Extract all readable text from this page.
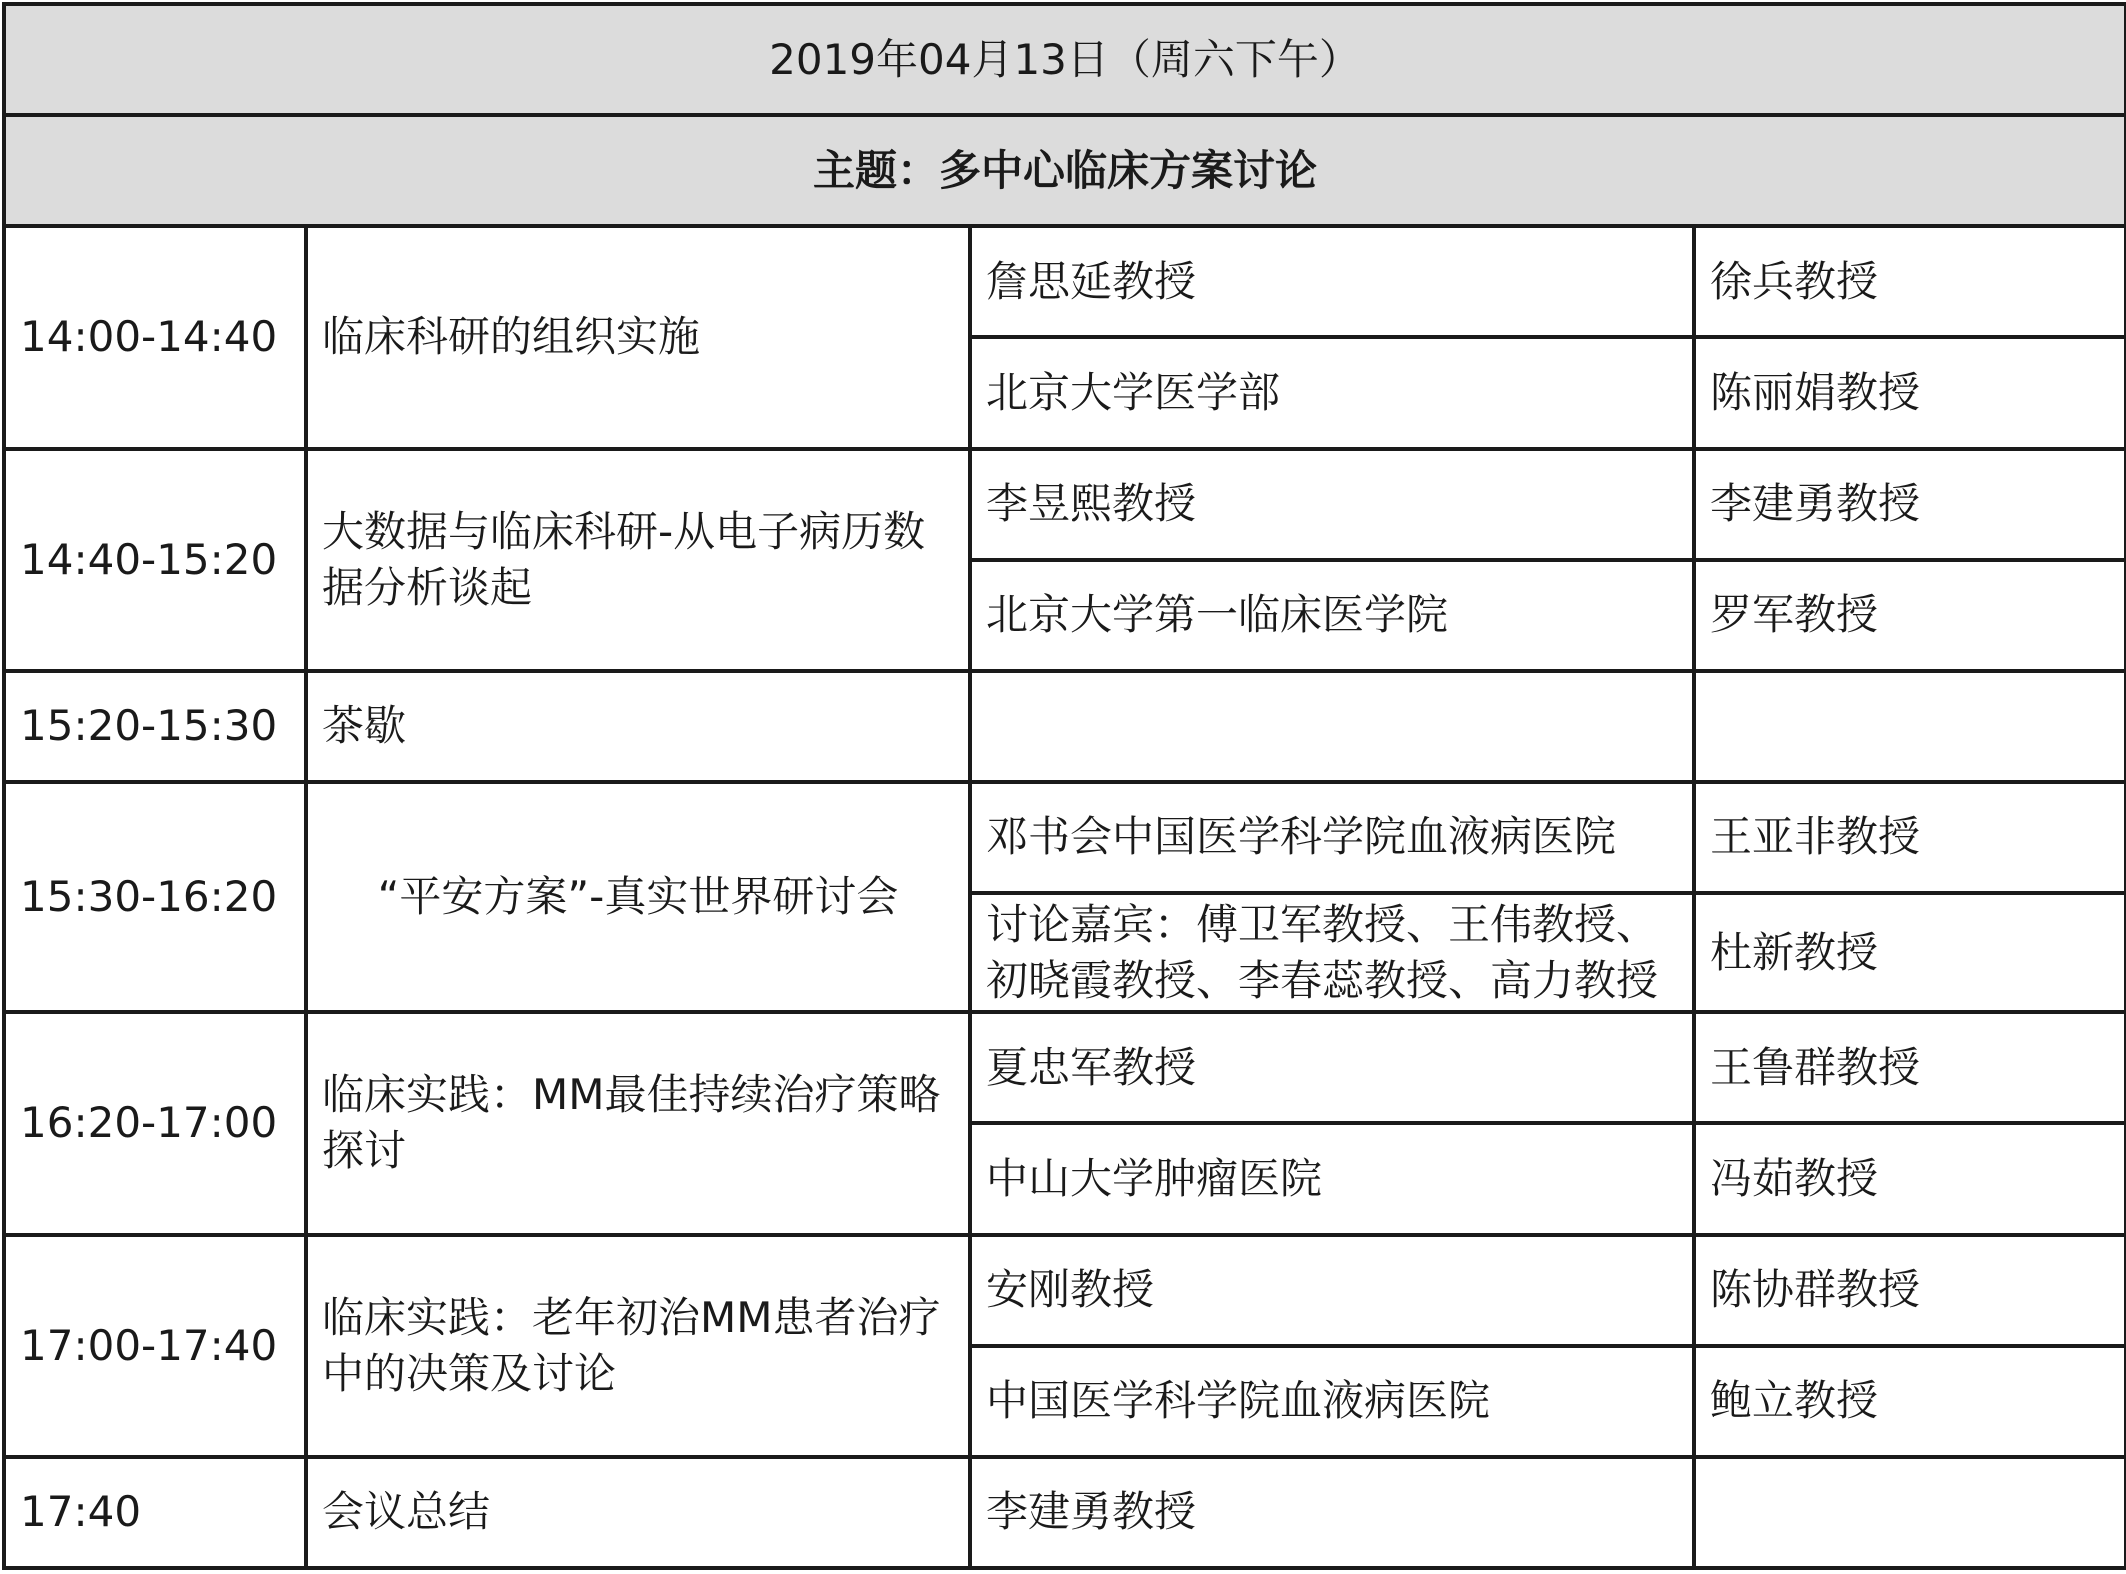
2019年04月13日（周六下午）			
主题：多中心临床方案讨论			
14:00-14:40	临床科研的组织实施	詹思延教授	徐兵教授
		北京大学医学部	陈丽娟教授
14:40-15:20	大数据与临床科研-从电子病历数据分析谈起	李昱熙教授	李建勇教授
		北京大学第一临床医学院	罗军教授
15:20-15:30	茶歇		
15:30-16:20	“平安方案”-真实世界研讨会	邓书会中国医学科学院血液病医院	王亚非教授
		讨论嘉宾：傅卫军教授、王伟教授、初晓霞教授、李春蕊教授、高力教授	杜新教授
16:20-17:00	临床实践：MM最佳持续治疗策略探讨	夏忠军教授	王鲁群教授
		中山大学肿瘤医院	冯茹教授
17:00-17:40	临床实践：老年初治MM患者治疗中的决策及讨论	安刚教授	陈协群教授
		中国医学科学院血液病医院	鲍立教授
17:40	会议总结	李建勇教授	
